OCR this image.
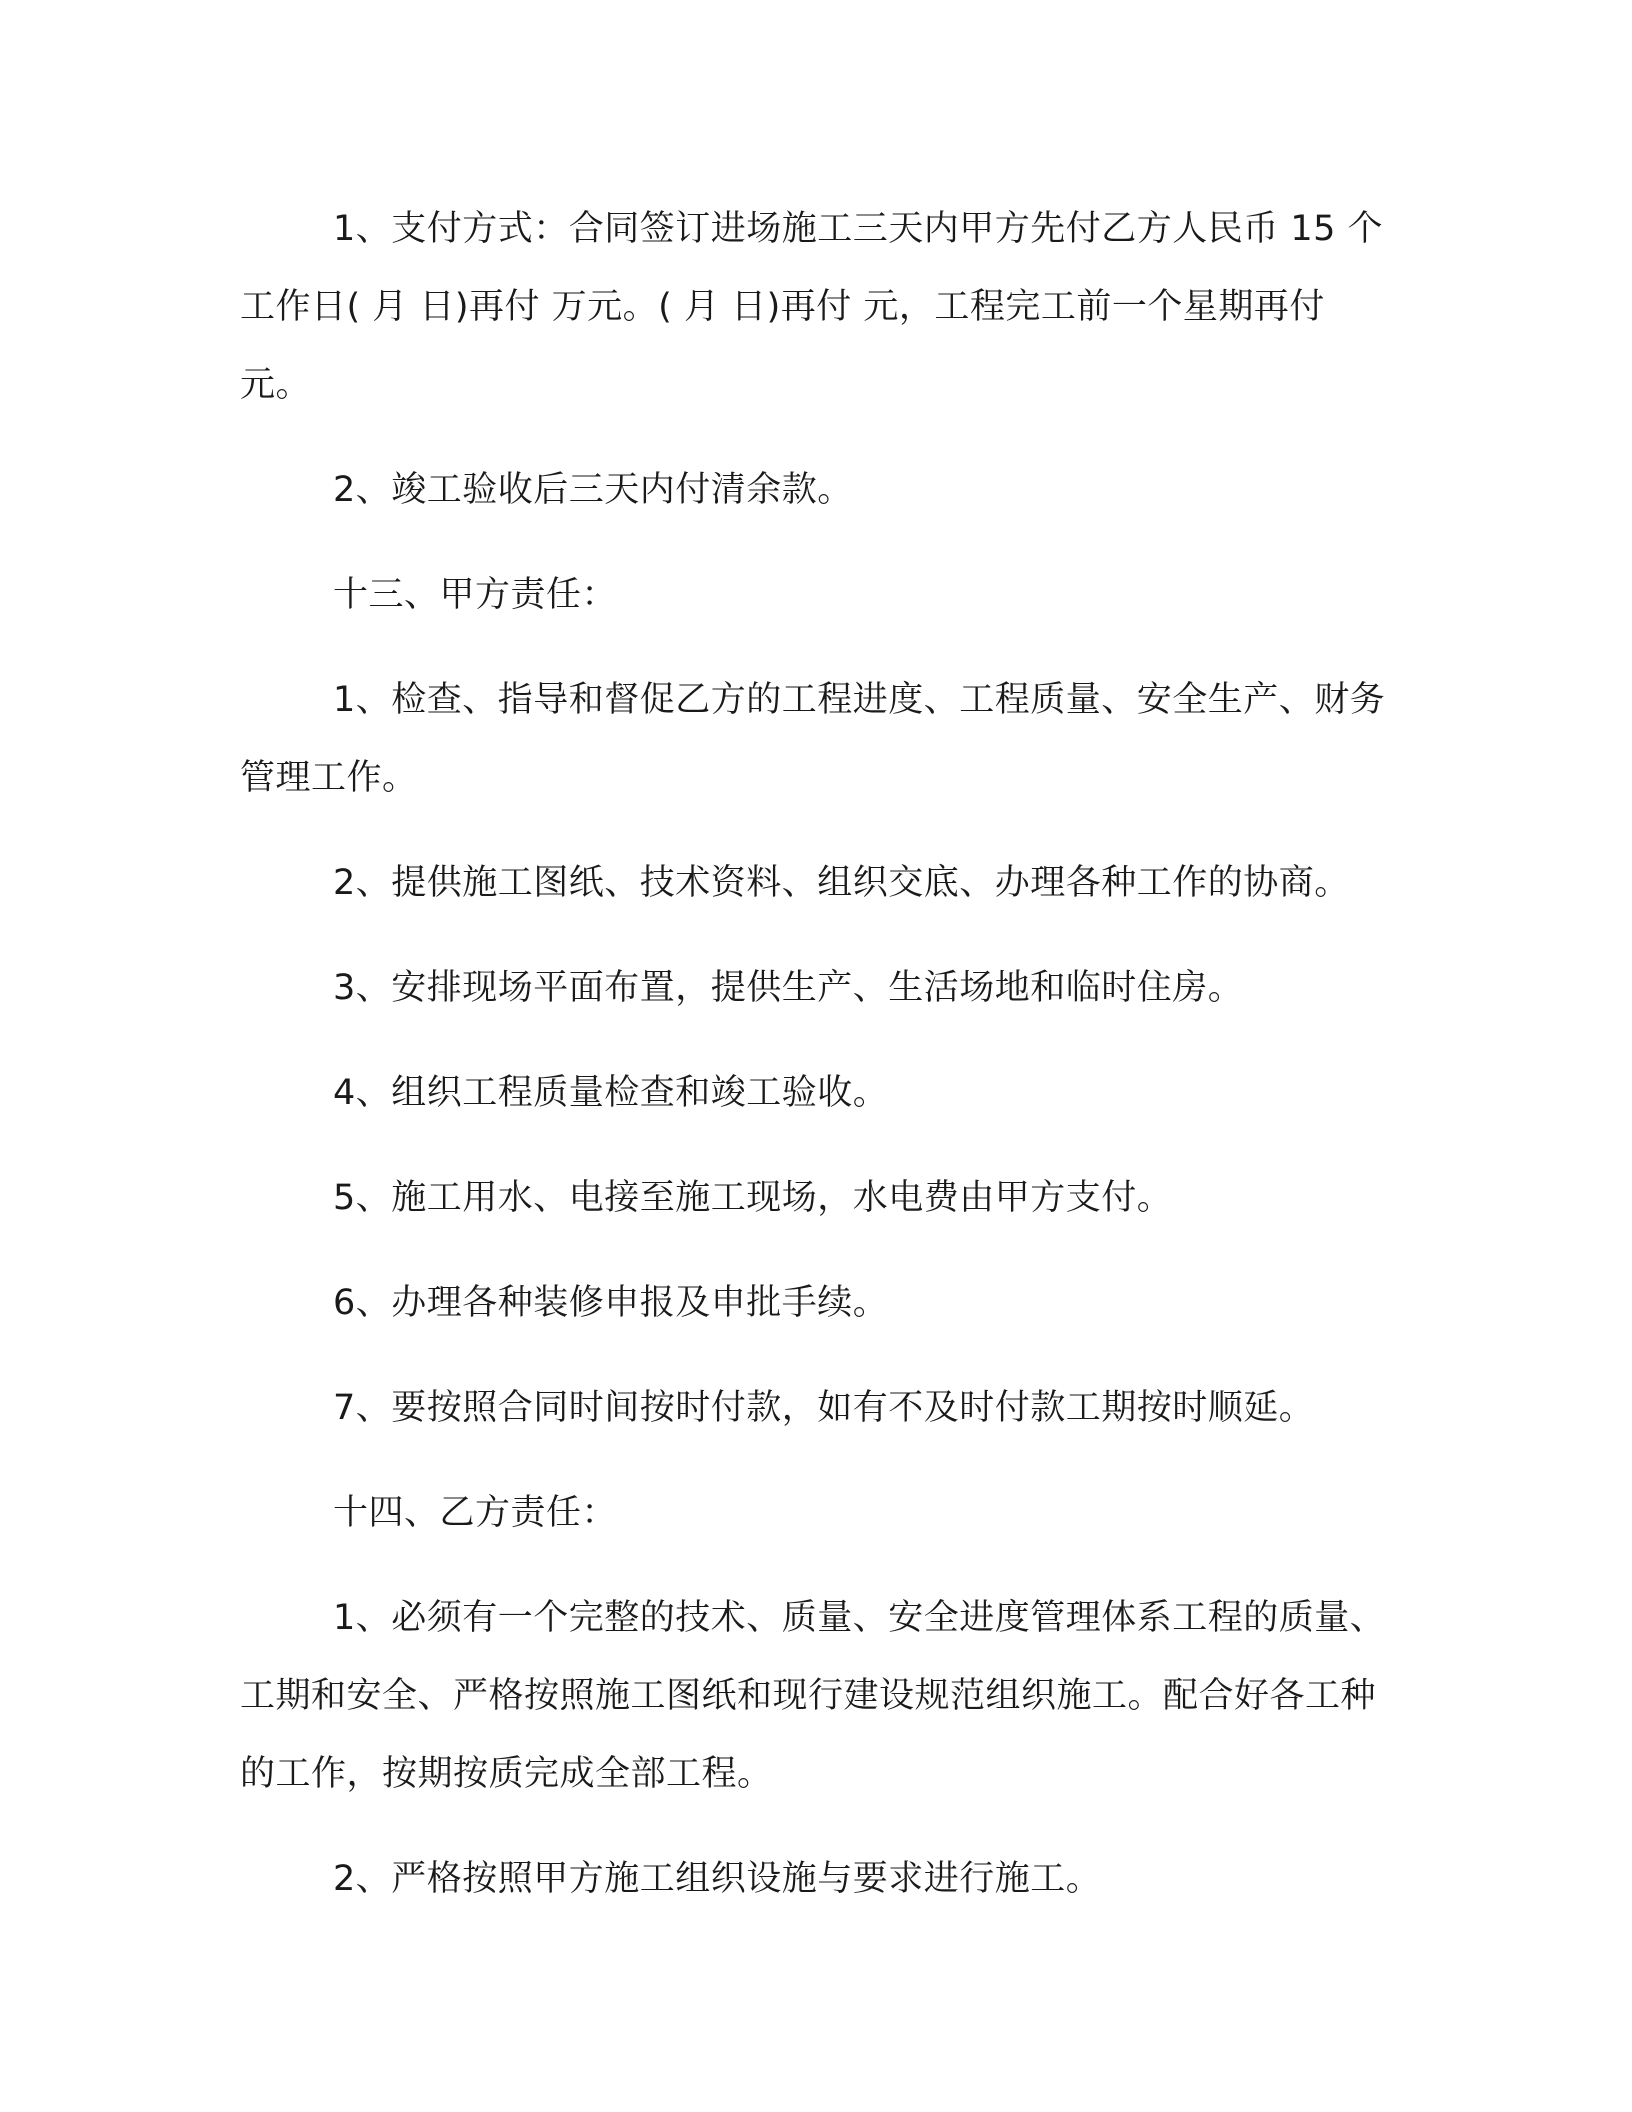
1、支付方式：合同签订进场施工三天内甲方先付乙方人民币 15 个工作日( 月 日)再付 万元。( 月 日)再付 元，工程完工前一个星期再付元。

2、竣工验收后三天内付清余款。

十三、甲方责任：

1、检查、指导和督促乙方的工程进度、工程质量、安全生产、财务管理工作。

2、提供施工图纸、技术资料、组织交底、办理各种工作的协商。

3、安排现场平面布置，提供生产、生活场地和临时住房。

4、组织工程质量检查和竣工验收。

5、施工用水、电接至施工现场，水电费由甲方支付。

6、办理各种装修申报及申批手续。

7、要按照合同时间按时付款，如有不及时付款工期按时顺延。

十四、乙方责任：

1、必须有一个完整的技术、质量、安全进度管理体系工程的质量、工期和安全、严格按照施工图纸和现行建设规范组织施工。配合好各工种的工作，按期按质完成全部工程。

2、严格按照甲方施工组织设施与要求进行施工。
